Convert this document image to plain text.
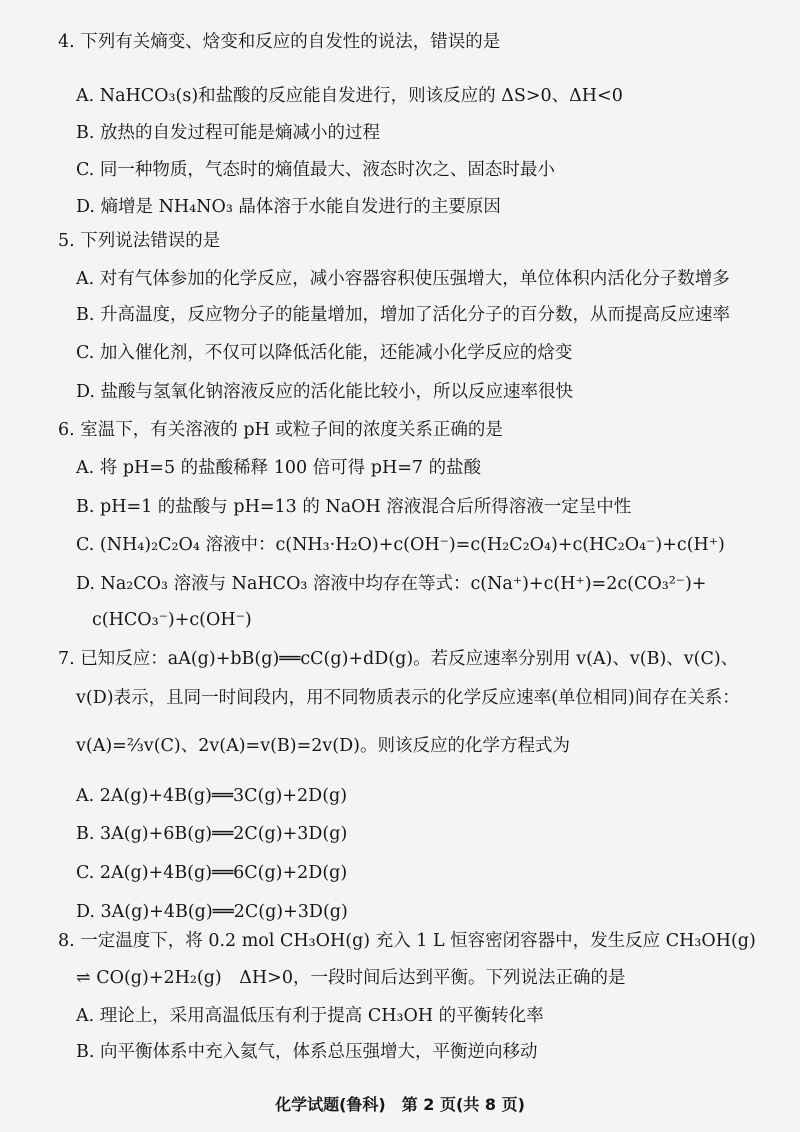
4. 下列有关熵变、焓变和反应的自发性的说法，错误的是
A. NaHCO₃(s)和盐酸的反应能自发进行，则该反应的 ΔS>0、ΔH<0
B. 放热的自发过程可能是熵减小的过程
C. 同一种物质，气态时的熵值最大、液态时次之、固态时最小
D. 熵增是 NH₄NO₃ 晶体溶于水能自发进行的主要原因
5. 下列说法错误的是
A. 对有气体参加的化学反应，减小容器容积使压强增大，单位体积内活化分子数增多
B. 升高温度，反应物分子的能量增加，增加了活化分子的百分数，从而提高反应速率
C. 加入催化剂，不仅可以降低活化能，还能减小化学反应的焓变
D. 盐酸与氢氧化钠溶液反应的活化能比较小，所以反应速率很快
6. 室温下，有关溶液的 pH 或粒子间的浓度关系正确的是
A. 将 pH=5 的盐酸稀释 100 倍可得 pH=7 的盐酸
B. pH=1 的盐酸与 pH=13 的 NaOH 溶液混合后所得溶液一定呈中性
C. (NH₄)₂C₂O₄ 溶液中：c(NH₃·H₂O)+c(OH⁻)=c(H₂C₂O₄)+c(HC₂O₄⁻)+c(H⁺)
D. Na₂CO₃ 溶液与 NaHCO₃ 溶液中均存在等式：c(Na⁺)+c(H⁺)=2c(CO₃²⁻)+
c(HCO₃⁻)+c(OH⁻)
7. 已知反应：aA(g)+bB(g)══cC(g)+dD(g)。若反应速率分别用 v(A)、v(B)、v(C)、
v(D)表示，且同一时间段内，用不同物质表示的化学反应速率(单位相同)间存在关系：
v(A)=⅔v(C)、2v(A)=v(B)=2v(D)。则该反应的化学方程式为
A. 2A(g)+4B(g)══3C(g)+2D(g)
B. 3A(g)+6B(g)══2C(g)+3D(g)
C. 2A(g)+4B(g)══6C(g)+2D(g)
D. 3A(g)+4B(g)══2C(g)+3D(g)
8. 一定温度下，将 0.2 mol CH₃OH(g) 充入 1 L 恒容密闭容器中，发生反应 CH₃OH(g)
⇌ CO(g)+2H₂(g)　ΔH>0，一段时间后达到平衡。下列说法正确的是
A. 理论上，采用高温低压有利于提高 CH₃OH 的平衡转化率
B. 向平衡体系中充入氦气，体系总压强增大，平衡逆向移动
化学试题(鲁科)　第 2 页(共 8 页)
